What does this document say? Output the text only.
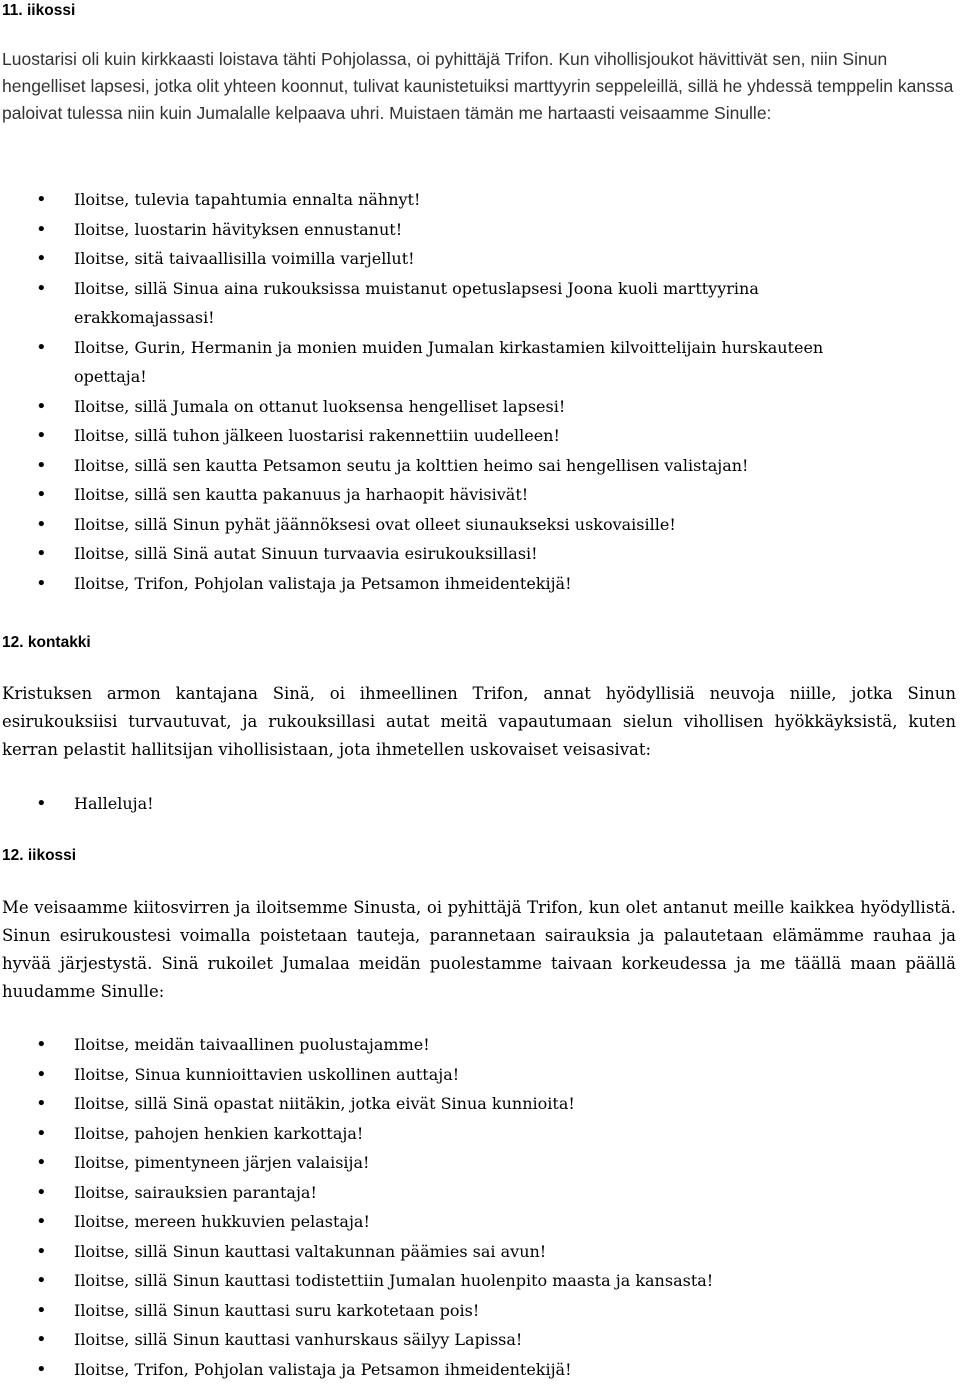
11. iikossi
Luostarisi oli kuin kirkkaasti loistava tähti Pohjolassa, oi pyhittäjä Trifon. Kun vihollisjoukot hävittivät sen, niin Sinun hengelliset lapsesi, jotka olit yhteen koonnut, tulivat kaunistetuiksi marttyyrin seppeleillä, sillä he yhdessä temppelin kanssa paloivat tulessa niin kuin Jumalalle kelpaava uhri. Muistaen tämän me hartaasti veisaamme Sinulle:
• Iloitse, tulevia tapahtumia ennalta nähnyt!
• Iloitse, luostarin hävityksen ennustanut!
• Iloitse, sitä taivaallisilla voimilla varjellut!
• Iloitse, sillä Sinua aina rukouksissa muistanut opetuslapsesi Joona kuoli marttyyrina erakkomajassasi!
• Iloitse, Gurin, Hermanin ja monien muiden Jumalan kirkastamien kilvoittelijain hurskauteen opettaja!
• Iloitse, sillä Jumala on ottanut luoksensa hengelliset lapsesi!
• Iloitse, sillä tuhon jälkeen luostarisi rakennettiin uudelleen!
• Iloitse, sillä sen kautta Petsamon seutu ja kolttien heimo sai hengellisen valistajan!
• Iloitse, sillä sen kautta pakanuus ja harhaopit hävisivät!
• Iloitse, sillä Sinun pyhät jäännöksesi ovat olleet siunaukseksi uskovaisille!
• Iloitse, sillä Sinä autat Sinuun turvaavia esirukouksillasi!
• Iloitse, Trifon, Pohjolan valistaja ja Petsamon ihmeidentekijä!
12. kontakki
Kristuksen armon kantajana Sinä, oi ihmeellinen Trifon, annat hyödyllisiä neuvoja niille, jotka Sinun esirukouksiisi turvautuvat, ja rukouksillasi autat meitä vapautumaan sielun vihollisen hyökkäyksistä, kuten kerran pelastit hallitsijan vihollisistaan, jota ihmetellen uskovaiset veisasivat:
• Halleluja!
12. iikossi
Me veisaamme kiitosvirren ja iloitsemme Sinusta, oi pyhittäjä Trifon, kun olet antanut meille kaikkea hyödyllistä. Sinun esirukoustesi voimalla poistetaan tauteja, parannetaan sairauksia ja palautetaan elämämme rauhaa ja hyvää järjestystä. Sinä rukoilet Jumalaa meidän puolestamme taivaan korkeudessa ja me täällä maan päällä huudamme Sinulle:
• Iloitse, meidän taivaallinen puolustajamme!
• Iloitse, Sinua kunnioittavien uskollinen auttaja!
• Iloitse, sillä Sinä opastat niitäkin, jotka eivät Sinua kunnioita!
• Iloitse, pahojen henkien karkottaja!
• Iloitse, pimentyneen järjen valaisija!
• Iloitse, sairauksien parantaja!
• Iloitse, mereen hukkuvien pelastaja!
• Iloitse, sillä Sinun kauttasi valtakunnan päämies sai avun!
• Iloitse, sillä Sinun kauttasi todistettiin Jumalan huolenpito maasta ja kansasta!
• Iloitse, sillä Sinun kauttasi suru karkotetaan pois!
• Iloitse, sillä Sinun kauttasi vanhurskaus säilyy Lapissa!
• Iloitse, Trifon, Pohjolan valistaja ja Petsamon ihmeidentekijä!
